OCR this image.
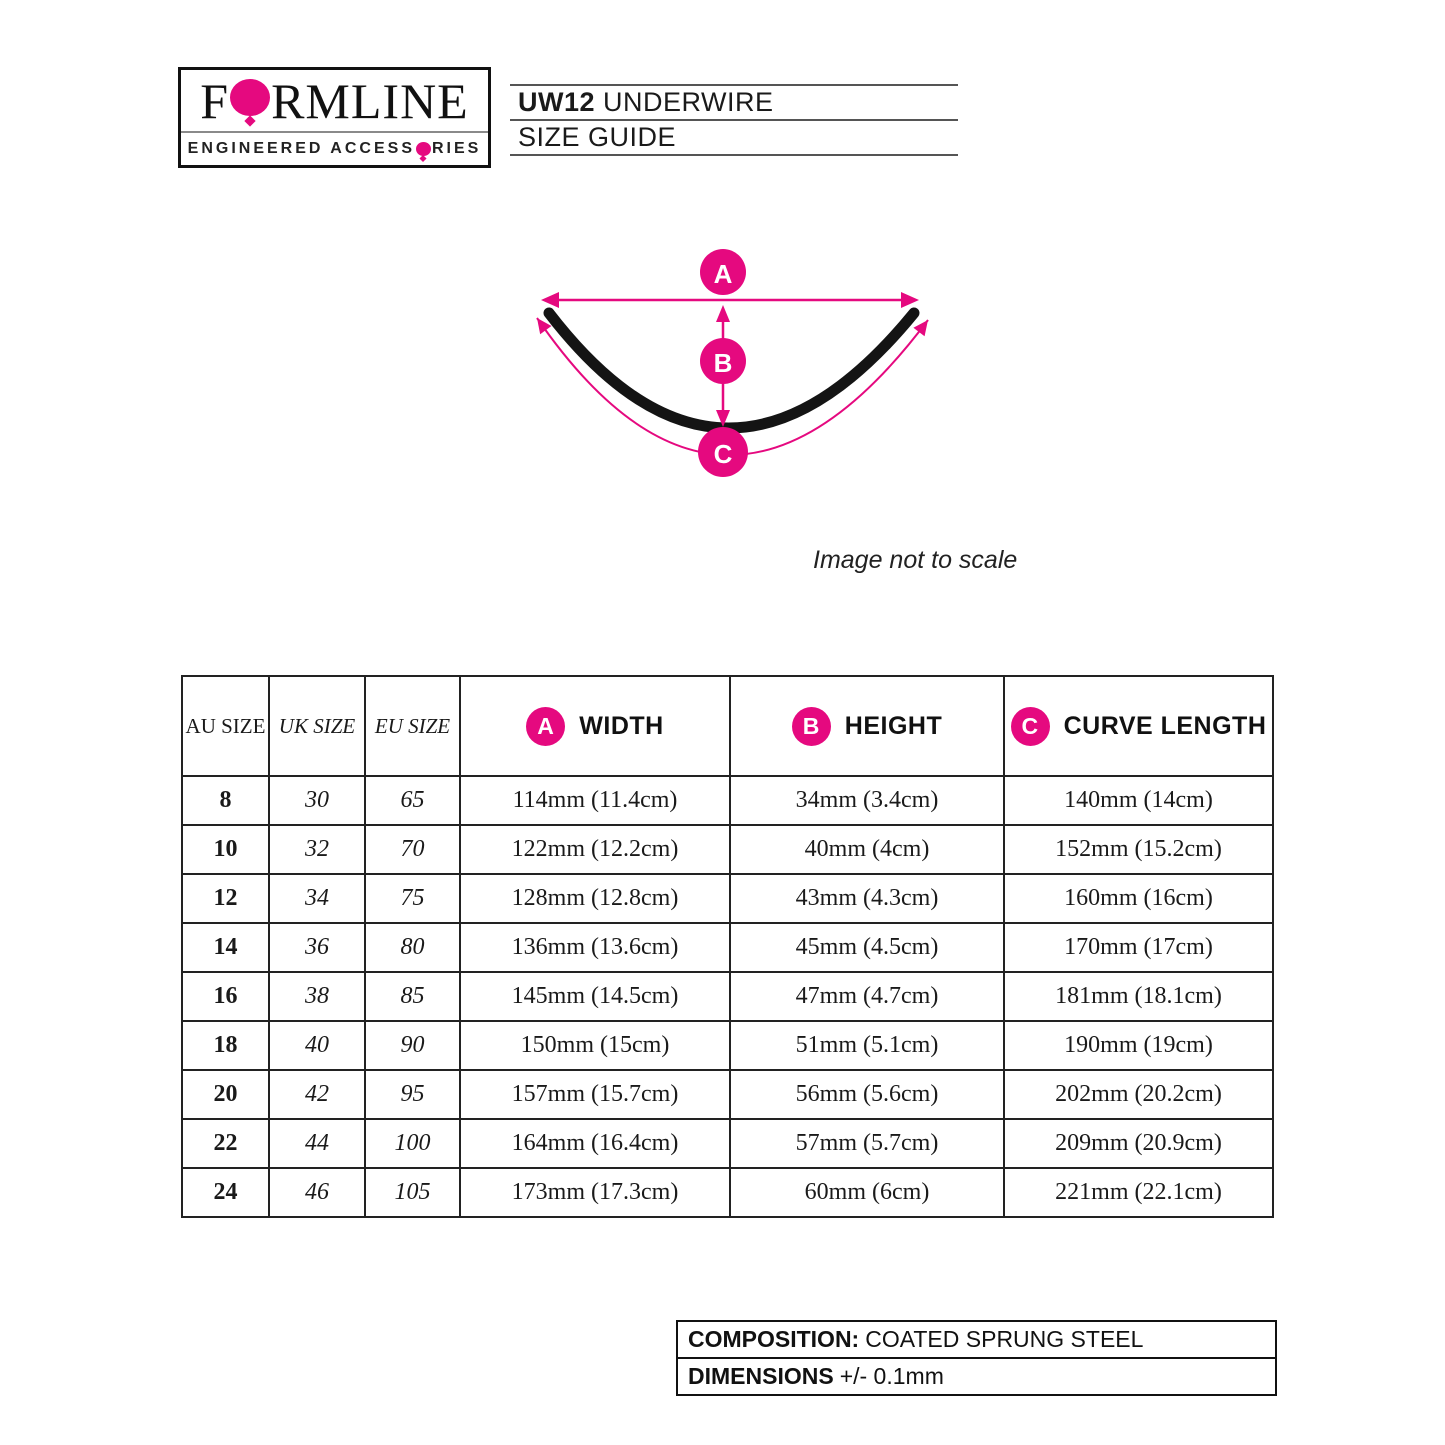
F RMLINE
ENGINEERED ACCESS RIES
UW12 UNDERWIRE
SIZE GUIDE
A
B
C
Image not to scale
AU SIZE	UK SIZE	EU SIZE	A WIDTH	B HEIGHT	C CURVE LENGTH

8	30	65	114mm (11.4cm)	34mm (3.4cm)	140mm (14cm)
10	32	70	122mm (12.2cm)	40mm (4cm)	152mm (15.2cm)
12	34	75	128mm (12.8cm)	43mm (4.3cm)	160mm (16cm)
14	36	80	136mm (13.6cm)	45mm (4.5cm)	170mm (17cm)
16	38	85	145mm (14.5cm)	47mm (4.7cm)	181mm (18.1cm)
18	40	90	150mm (15cm)	51mm (5.1cm)	190mm (19cm)
20	42	95	157mm (15.7cm)	56mm (5.6cm)	202mm (20.2cm)
22	44	100	164mm (16.4cm)	57mm (5.7cm)	209mm (20.9cm)
24	46	105	173mm (17.3cm)	60mm (6cm)	221mm (22.1cm)
COMPOSITION: COATED SPRUNG STEEL
DIMENSIONS +/- 0.1mm
